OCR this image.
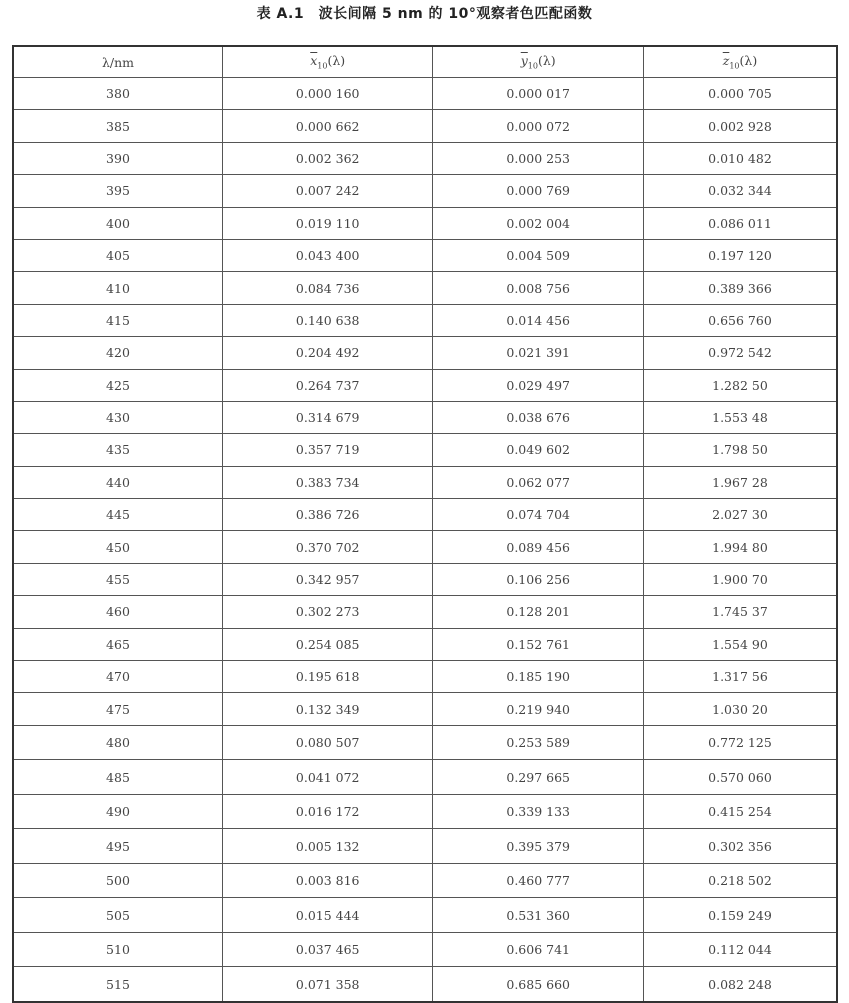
表 A.1　波长间隔 5 nm 的 10°观察者色匹配函数
λ/nm	$\overline{x}_{10}(\lambda)$	$\overline{y}_{10}(\lambda)$	$\overline{z}_{10}(\lambda)$
380	0.000 160	0.000 017	0.000 705
385	0.000 662	0.000 072	0.002 928
390	0.002 362	0.000 253	0.010 482
395	0.007 242	0.000 769	0.032 344
400	0.019 110	0.002 004	0.086 011
405	0.043 400	0.004 509	0.197 120
410	0.084 736	0.008 756	0.389 366
415	0.140 638	0.014 456	0.656 760
420	0.204 492	0.021 391	0.972 542
425	0.264 737	0.029 497	1.282 50
430	0.314 679	0.038 676	1.553 48
435	0.357 719	0.049 602	1.798 50
440	0.383 734	0.062 077	1.967 28
445	0.386 726	0.074 704	2.027 30
450	0.370 702	0.089 456	1.994 80
455	0.342 957	0.106 256	1.900 70
460	0.302 273	0.128 201	1.745 37
465	0.254 085	0.152 761	1.554 90
470	0.195 618	0.185 190	1.317 56
475	0.132 349	0.219 940	1.030 20
480	0.080 507	0.253 589	0.772 125
485	0.041 072	0.297 665	0.570 060
490	0.016 172	0.339 133	0.415 254
495	0.005 132	0.395 379	0.302 356
500	0.003 816	0.460 777	0.218 502
505	0.015 444	0.531 360	0.159 249
510	0.037 465	0.606 741	0.112 044
515	0.071 358	0.685 660	0.082 248
